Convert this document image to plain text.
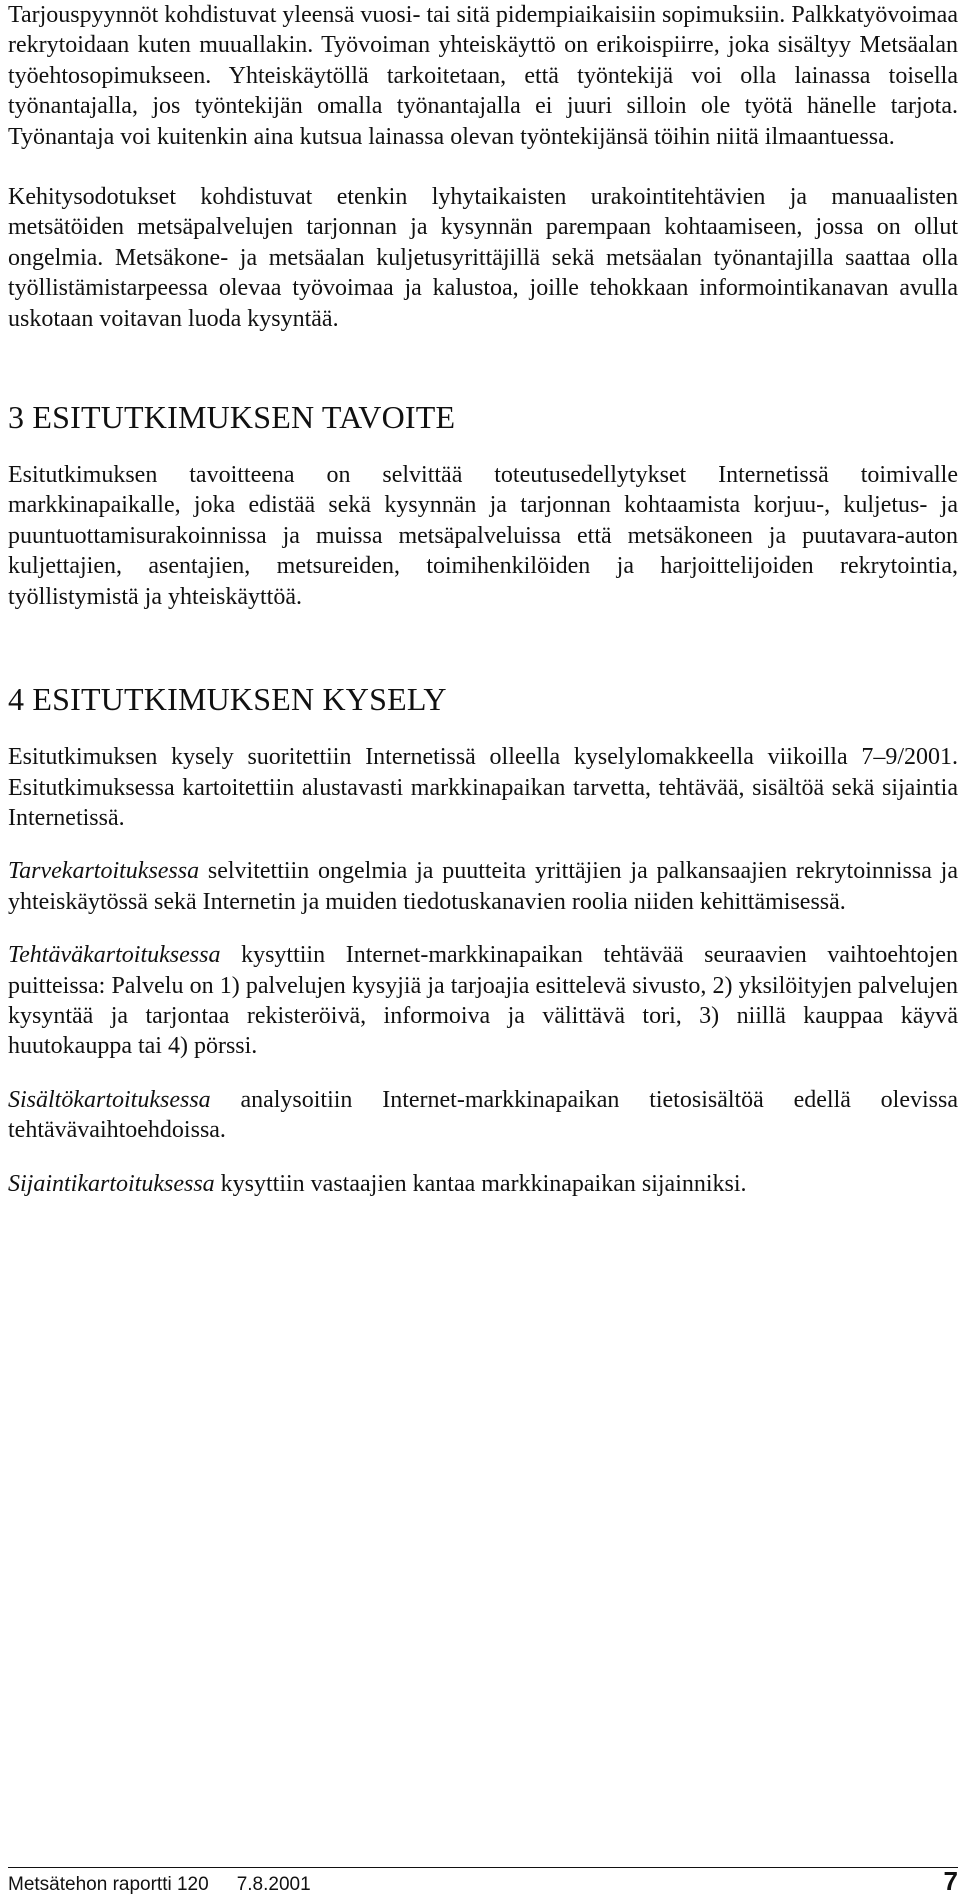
Tarjouspyynnöt kohdistuvat yleensä vuosi- tai sitä pidempiaikaisiin sopimuksiin. Palkkatyövoimaa rekrytoidaan kuten muuallakin. Työvoiman yhteiskäyttö on erikoispiirre, joka sisältyy Metsäalan työehtosopimukseen. Yhteiskäytöllä tarkoitetaan, että työntekijä voi olla lainassa toisella työnantajalla, jos työntekijän omalla työnantajalla ei juuri silloin ole työtä hänelle tarjota. Työnantaja voi kuitenkin aina kutsua lainassa olevan työntekijänsä töihin niitä ilmaantuessa.

Kehitysodotukset kohdistuvat etenkin lyhytaikaisten urakointitehtävien ja manuaalisten metsätöiden metsäpalvelujen tarjonnan ja kysynnän parempaan kohtaamiseen, jossa on ollut ongelmia. Metsäkone- ja metsäalan kuljetusyrittäjillä sekä metsäalan työnantajilla saattaa olla työllistämistarpeessa olevaa työvoimaa ja kalustoa, joille tehokkaan informointikanavan avulla uskotaan voitavan luoda kysyntää.

3 ESITUTKIMUKSEN TAVOITE

Esitutkimuksen tavoitteena on selvittää toteutusedellytykset Internetissä toimivalle markkinapaikalle, joka edistää sekä kysynnän ja tarjonnan kohtaamista korjuu-, kuljetus- ja puuntuottamisurakoinnissa ja muissa metsäpalveluissa että metsäkoneen ja puutavara-auton kuljettajien, asentajien, metsureiden, toimihenkilöiden ja harjoittelijoiden rekrytointia, työllistymistä ja yhteiskäyttöä.

4 ESITUTKIMUKSEN KYSELY

Esitutkimuksen kysely suoritettiin Internetissä olleella kyselylomakkeella viikoilla 7–9/2001. Esitutkimuksessa kartoitettiin alustavasti markkinapaikan tarvetta, tehtävää, sisältöä sekä sijaintia Internetissä.

Tarvekartoituksessa selvitettiin ongelmia ja puutteita yrittäjien ja palkansaajien rekrytoinnissa ja yhteiskäytössä sekä Internetin ja muiden tiedotuskanavien roolia niiden kehittämisessä.

Tehtäväkartoituksessa kysyttiin Internet-markkinapaikan tehtävää seuraavien vaihtoehtojen puitteissa: Palvelu on 1) palvelujen kysyjiä ja tarjoajia esittelevä sivusto, 2) yksilöityjen palvelujen kysyntää ja tarjontaa rekisteröivä, informoiva ja välittävä tori, 3) niillä kauppaa käyvä huutokauppa tai 4) pörssi.

Sisältökartoituksessa analysoitiin Internet-markkinapaikan tietosisältöä edellä olevissa tehtävävaihtoehdoissa.

Sijaintikartoituksessa kysyttiin vastaajien kantaa markkinapaikan sijainniksi.

Metsätehon raportti 120 7.8.2001	7
